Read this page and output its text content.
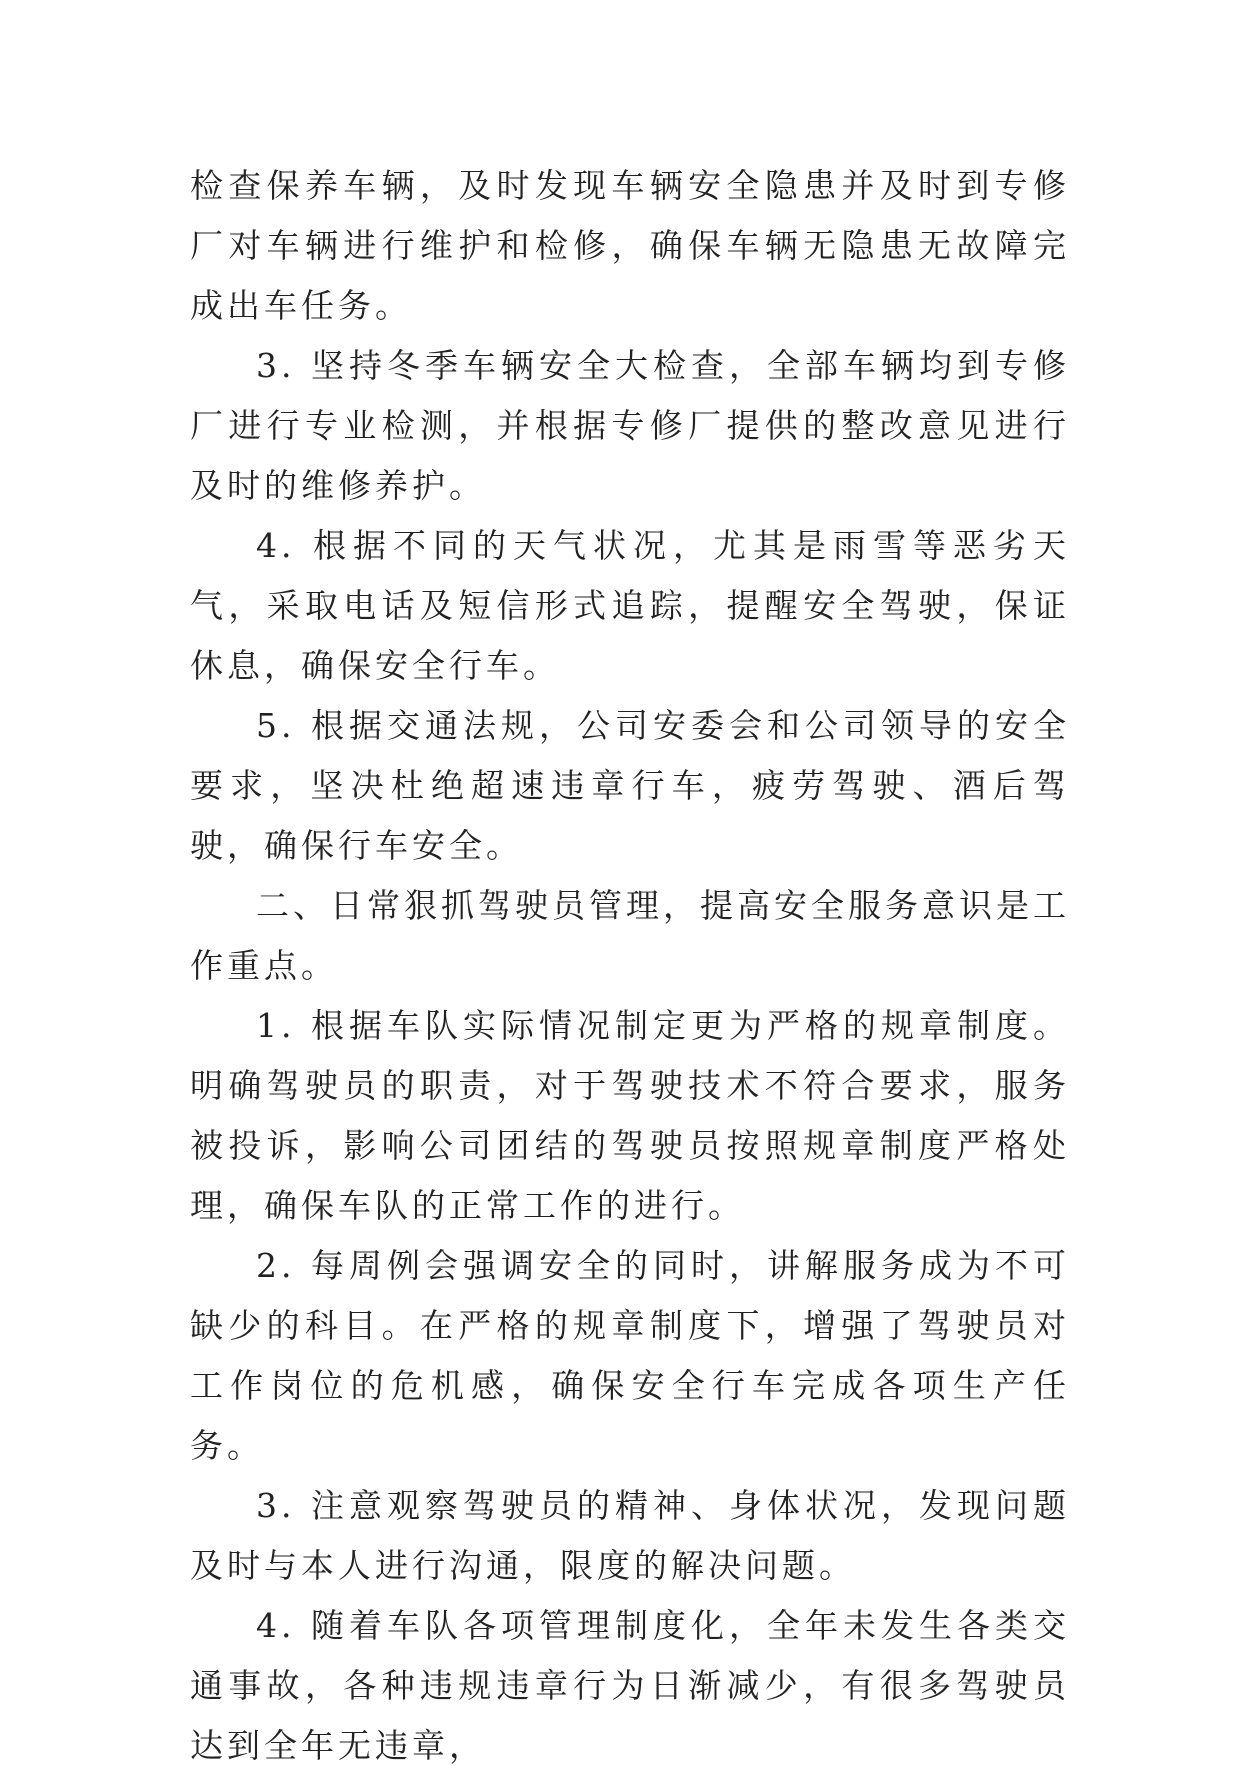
检查保养车辆，及时发现车辆安全隐患并及时到专修厂对车辆进行维护和检修，确保车辆无隐患无故障完成出车任务。

3. 坚持冬季车辆安全大检查，全部车辆均到专修厂进行专业检测，并根据专修厂提供的整改意见进行及时的维修养护。

4. 根据不同的天气状况，尤其是雨雪等恶劣天气，采取电话及短信形式追踪，提醒安全驾驶，保证休息，确保安全行车。

5. 根据交通法规，公司安委会和公司领导的安全要求，坚决杜绝超速违章行车，疲劳驾驶、酒后驾驶，确保行车安全。

二、日常狠抓驾驶员管理，提高安全服务意识是工作重点。

1. 根据车队实际情况制定更为严格的规章制度。明确驾驶员的职责，对于驾驶技术不符合要求，服务被投诉，影响公司团结的驾驶员按照规章制度严格处理，确保车队的正常工作的进行。

2. 每周例会强调安全的同时，讲解服务成为不可缺少的科目。在严格的规章制度下，增强了驾驶员对工作岗位的危机感，确保安全行车完成各项生产任务。

3. 注意观察驾驶员的精神、身体状况，发现问题及时与本人进行沟通，限度的解决问题。

4. 随着车队各项管理制度化，全年未发生各类交通事故，各种违规违章行为日渐减少，有很多驾驶员达到全年无违章，
